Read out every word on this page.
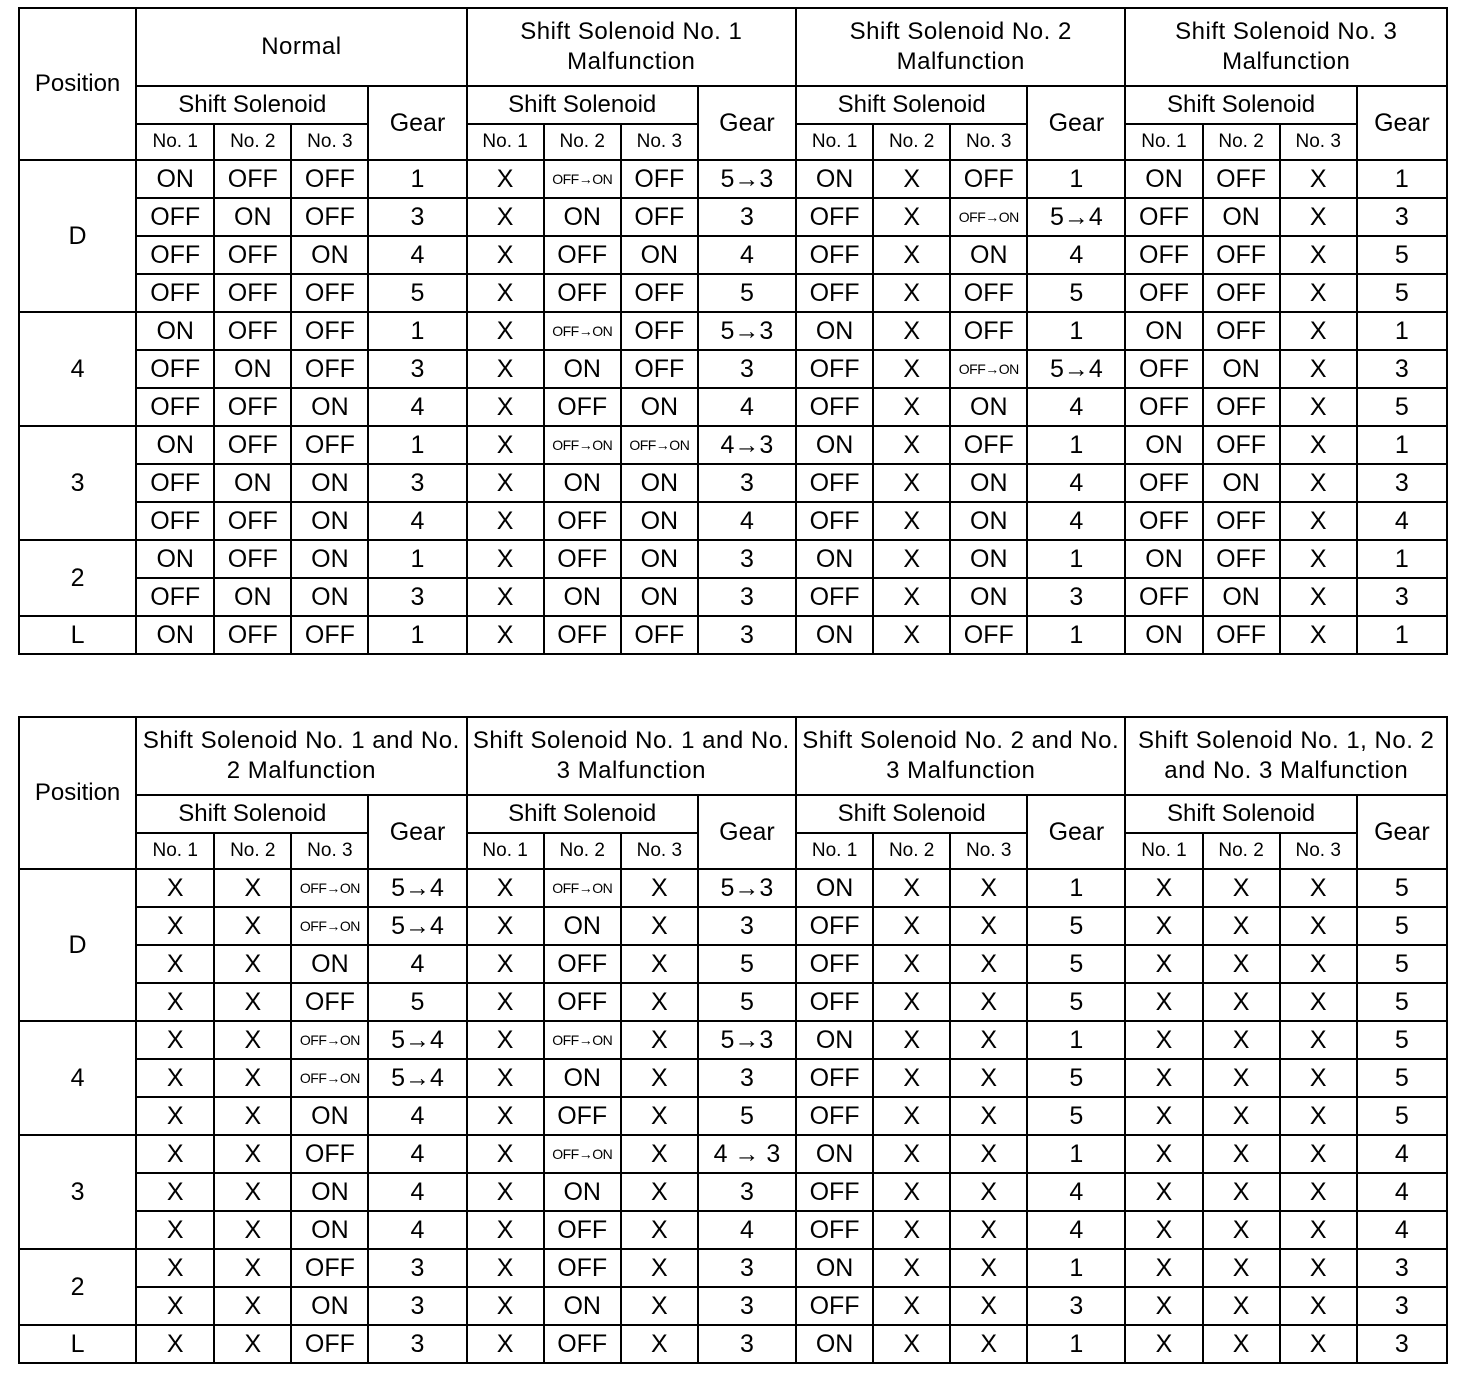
Position	Normal				Shift Solenoid No. 1 Malfunction				Shift Solenoid No. 2 Malfunction				Shift Solenoid No. 3 Malfunction			
	Shift Solenoid			Gear	Shift Solenoid			Gear	Shift Solenoid			Gear	Shift Solenoid			Gear
	No. 1	No. 2	No. 3		No. 1	No. 2	No. 3		No. 1	No. 2	No. 3		No. 1	No. 2	No. 3	
D	ON	OFF	OFF	1	X	OFF→ON	OFF	5→3	ON	X	OFF	1	ON	OFF	X	1
	OFF	ON	OFF	3	X	ON	OFF	3	OFF	X	OFF→ON	5→4	OFF	ON	X	3
	OFF	OFF	ON	4	X	OFF	ON	4	OFF	X	ON	4	OFF	OFF	X	5
	OFF	OFF	OFF	5	X	OFF	OFF	5	OFF	X	OFF	5	OFF	OFF	X	5
4	ON	OFF	OFF	1	X	OFF→ON	OFF	5→3	ON	X	OFF	1	ON	OFF	X	1
	OFF	ON	OFF	3	X	ON	OFF	3	OFF	X	OFF→ON	5→4	OFF	ON	X	3
	OFF	OFF	ON	4	X	OFF	ON	4	OFF	X	ON	4	OFF	OFF	X	5
3	ON	OFF	OFF	1	X	OFF→ON	OFF→ON	4→3	ON	X	OFF	1	ON	OFF	X	1
	OFF	ON	ON	3	X	ON	ON	3	OFF	X	ON	4	OFF	ON	X	3
	OFF	OFF	ON	4	X	OFF	ON	4	OFF	X	ON	4	OFF	OFF	X	4
2	ON	OFF	ON	1	X	OFF	ON	3	ON	X	ON	1	ON	OFF	X	1
	OFF	ON	ON	3	X	ON	ON	3	OFF	X	ON	3	OFF	ON	X	3
L	ON	OFF	OFF	1	X	OFF	OFF	3	ON	X	OFF	1	ON	OFF	X	1
Position	Shift Solenoid No. 1 and No. 2 Malfunction				Shift Solenoid No. 1 and No. 3 Malfunction				Shift Solenoid No. 2 and No. 3 Malfunction				Shift Solenoid No. 1, No. 2 and No. 3 Malfunction			
	Shift Solenoid			Gear	Shift Solenoid			Gear	Shift Solenoid			Gear	Shift Solenoid			Gear
	No. 1	No. 2	No. 3		No. 1	No. 2	No. 3		No. 1	No. 2	No. 3		No. 1	No. 2	No. 3	
D	X	X	OFF→ON	5→4	X	OFF→ON	X	5→3	ON	X	X	1	X	X	X	5
	X	X	OFF→ON	5→4	X	ON	X	3	OFF	X	X	5	X	X	X	5
	X	X	ON	4	X	OFF	X	5	OFF	X	X	5	X	X	X	5
	X	X	OFF	5	X	OFF	X	5	OFF	X	X	5	X	X	X	5
4	X	X	OFF→ON	5→4	X	OFF→ON	X	5→3	ON	X	X	1	X	X	X	5
	X	X	OFF→ON	5→4	X	ON	X	3	OFF	X	X	5	X	X	X	5
	X	X	ON	4	X	OFF	X	5	OFF	X	X	5	X	X	X	5
3	X	X	OFF	4	X	OFF→ON	X	4 → 3	ON	X	X	1	X	X	X	4
	X	X	ON	4	X	ON	X	3	OFF	X	X	4	X	X	X	4
	X	X	ON	4	X	OFF	X	4	OFF	X	X	4	X	X	X	4
2	X	X	OFF	3	X	OFF	X	3	ON	X	X	1	X	X	X	3
	X	X	ON	3	X	ON	X	3	OFF	X	X	3	X	X	X	3
L	X	X	OFF	3	X	OFF	X	3	ON	X	X	1	X	X	X	3
